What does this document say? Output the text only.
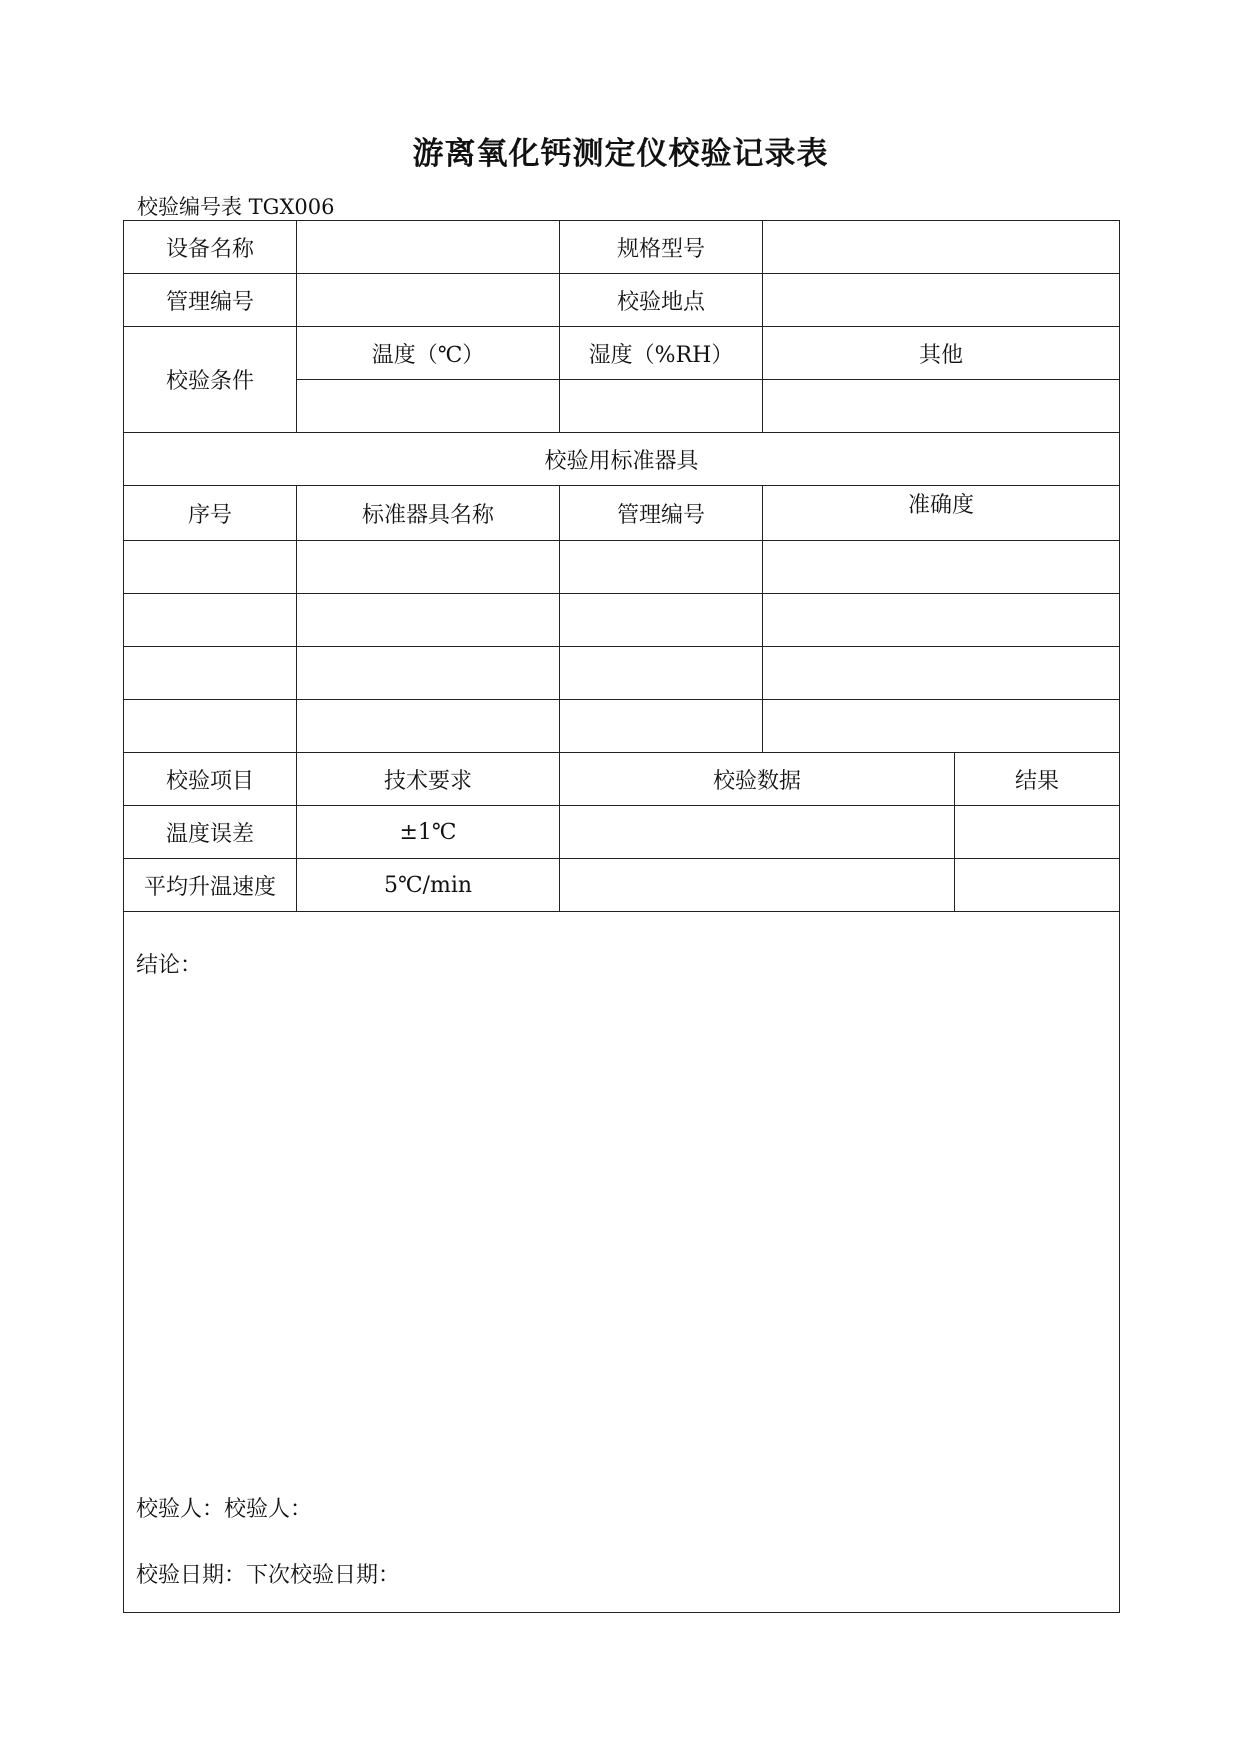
游离氧化钙测定仪校验记录表
校验编号表 TGX006
设备名称		规格型号		
管理编号		校验地点		
校验条件	温度（℃）	湿度（%RH）	其他	

校验用标准器具				
序号	标准器具名称	管理编号	准确度	

校验项目	技术要求	校验数据		结果
温度误差	±1℃			
平均升温速度	5℃/min			

结论：
校验人：校验人：
校验日期：下次校验日期：				
